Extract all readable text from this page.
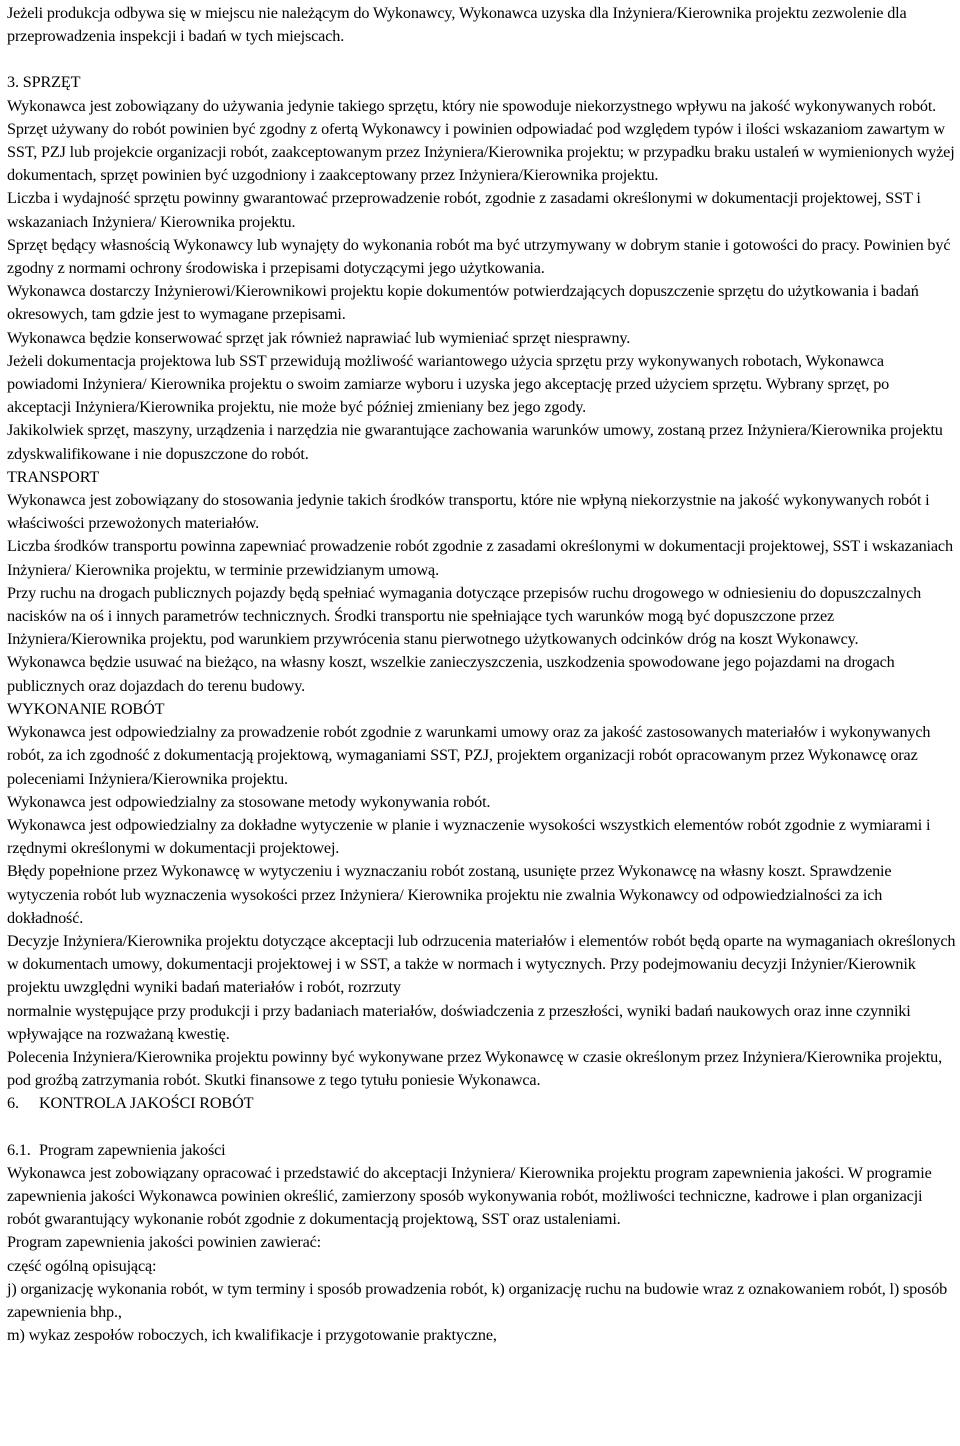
Jeżeli produkcja odbywa się w miejscu nie należącym do Wykonawcy, Wykonawca uzyska dla Inżyniera/Kierownika projektu zezwolenie dla przeprowadzenia inspekcji i badań w tych miejscach.

3. SPRZĘT

Wykonawca jest zobowiązany do używania jedynie takiego sprzętu, który nie spowoduje niekorzystnego wpływu na jakość wykonywanych robót. Sprzęt używany do robót powinien być zgodny z ofertą Wykonawcy i powinien odpowiadać pod względem typów i ilości wskazaniom zawartym w SST, PZJ lub projekcie organizacji robót, zaakceptowanym przez Inżyniera/Kierownika projektu; w przypadku braku ustaleń w wymienionych wyżej dokumentach, sprzęt powinien być uzgodniony i zaakceptowany przez Inżyniera/Kierownika projektu.

Liczba i wydajność sprzętu powinny gwarantować przeprowadzenie robót, zgodnie z zasadami określonymi w dokumentacji projektowej, SST i wskazaniach Inżyniera/ Kierownika projektu.

Sprzęt będący własnością Wykonawcy lub wynajęty do wykonania robót ma być utrzymywany w dobrym stanie i gotowości do pracy. Powinien być zgodny z normami ochrony środowiska i przepisami dotyczącymi jego użytkowania.

Wykonawca dostarczy Inżynierowi/Kierownikowi projektu kopie dokumentów potwierdzających dopuszczenie sprzętu do użytkowania i badań okresowych, tam gdzie jest to wymagane przepisami.

Wykonawca będzie konserwować sprzęt jak również naprawiać lub wymieniać sprzęt niesprawny.

Jeżeli dokumentacja projektowa lub SST przewidują możliwość wariantowego użycia sprzętu przy wykonywanych robotach, Wykonawca powiadomi Inżyniera/ Kierownika projektu o swoim zamiarze wyboru i uzyska jego akceptację przed użyciem sprzętu. Wybrany sprzęt, po akceptacji Inżyniera/Kierownika projektu, nie może być później zmieniany bez jego zgody.

Jakikolwiek sprzęt, maszyny, urządzenia i narzędzia nie gwarantujące zachowania warunków umowy, zostaną przez Inżyniera/Kierownika projektu zdyskwalifikowane i nie dopuszczone do robót.

TRANSPORT

Wykonawca jest zobowiązany do stosowania jedynie takich środków transportu, które nie wpłyną niekorzystnie na jakość wykonywanych robót i właściwości przewożonych materiałów.

Liczba środków transportu powinna zapewniać prowadzenie robót zgodnie z zasadami określonymi w dokumentacji projektowej, SST i wskazaniach Inżyniera/ Kierownika projektu, w terminie przewidzianym umową.

Przy ruchu na drogach publicznych pojazdy będą spełniać wymagania dotyczące przepisów ruchu drogowego w odniesieniu do dopuszczalnych nacisków na oś i innych parametrów technicznych. Środki transportu nie spełniające tych warunków mogą być dopuszczone przez Inżyniera/Kierownika projektu, pod warunkiem przywrócenia stanu pierwotnego użytkowanych odcinków dróg na koszt Wykonawcy.

Wykonawca będzie usuwać na bieżąco, na własny koszt, wszelkie zanieczyszczenia, uszkodzenia spowodowane jego pojazdami na drogach publicznych oraz dojazdach do terenu budowy.

WYKONANIE ROBÓT

Wykonawca jest odpowiedzialny za prowadzenie robót zgodnie z warunkami umowy oraz za jakość zastosowanych materiałów i wykonywanych robót, za ich zgodność z dokumentacją projektową, wymaganiami SST, PZJ, projektem organizacji robót opracowanym przez Wykonawcę oraz poleceniami Inżyniera/Kierownika projektu.

Wykonawca jest odpowiedzialny za stosowane metody wykonywania robót.

Wykonawca jest odpowiedzialny za dokładne wytyczenie w planie i wyznaczenie wysokości wszystkich elementów robót zgodnie z wymiarami i rzędnymi określonymi w dokumentacji projektowej.

Błędy popełnione przez Wykonawcę w wytyczeniu i wyznaczaniu robót zostaną, usunięte przez Wykonawcę na własny koszt. Sprawdzenie wytyczenia robót lub wyznaczenia wysokości przez Inżyniera/ Kierownika projektu nie zwalnia Wykonawcy od odpowiedzialności za ich dokładność.

Decyzje Inżyniera/Kierownika projektu dotyczące akceptacji lub odrzucenia materiałów i elementów robót będą oparte na wymaganiach określonych w dokumentach umowy, dokumentacji projektowej i w SST, a także w normach i wytycznych. Przy podejmowaniu decyzji Inżynier/Kierownik projektu uwzględni wyniki badań materiałów i robót, rozrzuty

normalnie występujące przy produkcji i przy badaniach materiałów, doświadczenia z przeszłości, wyniki badań naukowych oraz inne czynniki wpływające na rozważaną kwestię.

Polecenia Inżyniera/Kierownika projektu powinny być wykonywane przez Wykonawcę w czasie określonym przez Inżyniera/Kierownika projektu, pod groźbą zatrzymania robót. Skutki finansowe z tego tytułu poniesie Wykonawca.

6. KONTROLA JAKOŚCI ROBÓT

6.1. Program zapewnienia jakości

Wykonawca jest zobowiązany opracować i przedstawić do akceptacji Inżyniera/ Kierownika projektu program zapewnienia jakości. W programie zapewnienia jakości Wykonawca powinien określić, zamierzony sposób wykonywania robót, możliwości techniczne, kadrowe i plan organizacji robót gwarantujący wykonanie robót zgodnie z dokumentacją projektową, SST oraz ustaleniami.

Program zapewnienia jakości powinien zawierać:

część ogólną opisującą:

j) organizację wykonania robót, w tym terminy i sposób prowadzenia robót, k) organizację ruchu na budowie wraz z oznakowaniem robót, l) sposób zapewnienia bhp.,

m) wykaz zespołów roboczych, ich kwalifikacje i przygotowanie praktyczne,
